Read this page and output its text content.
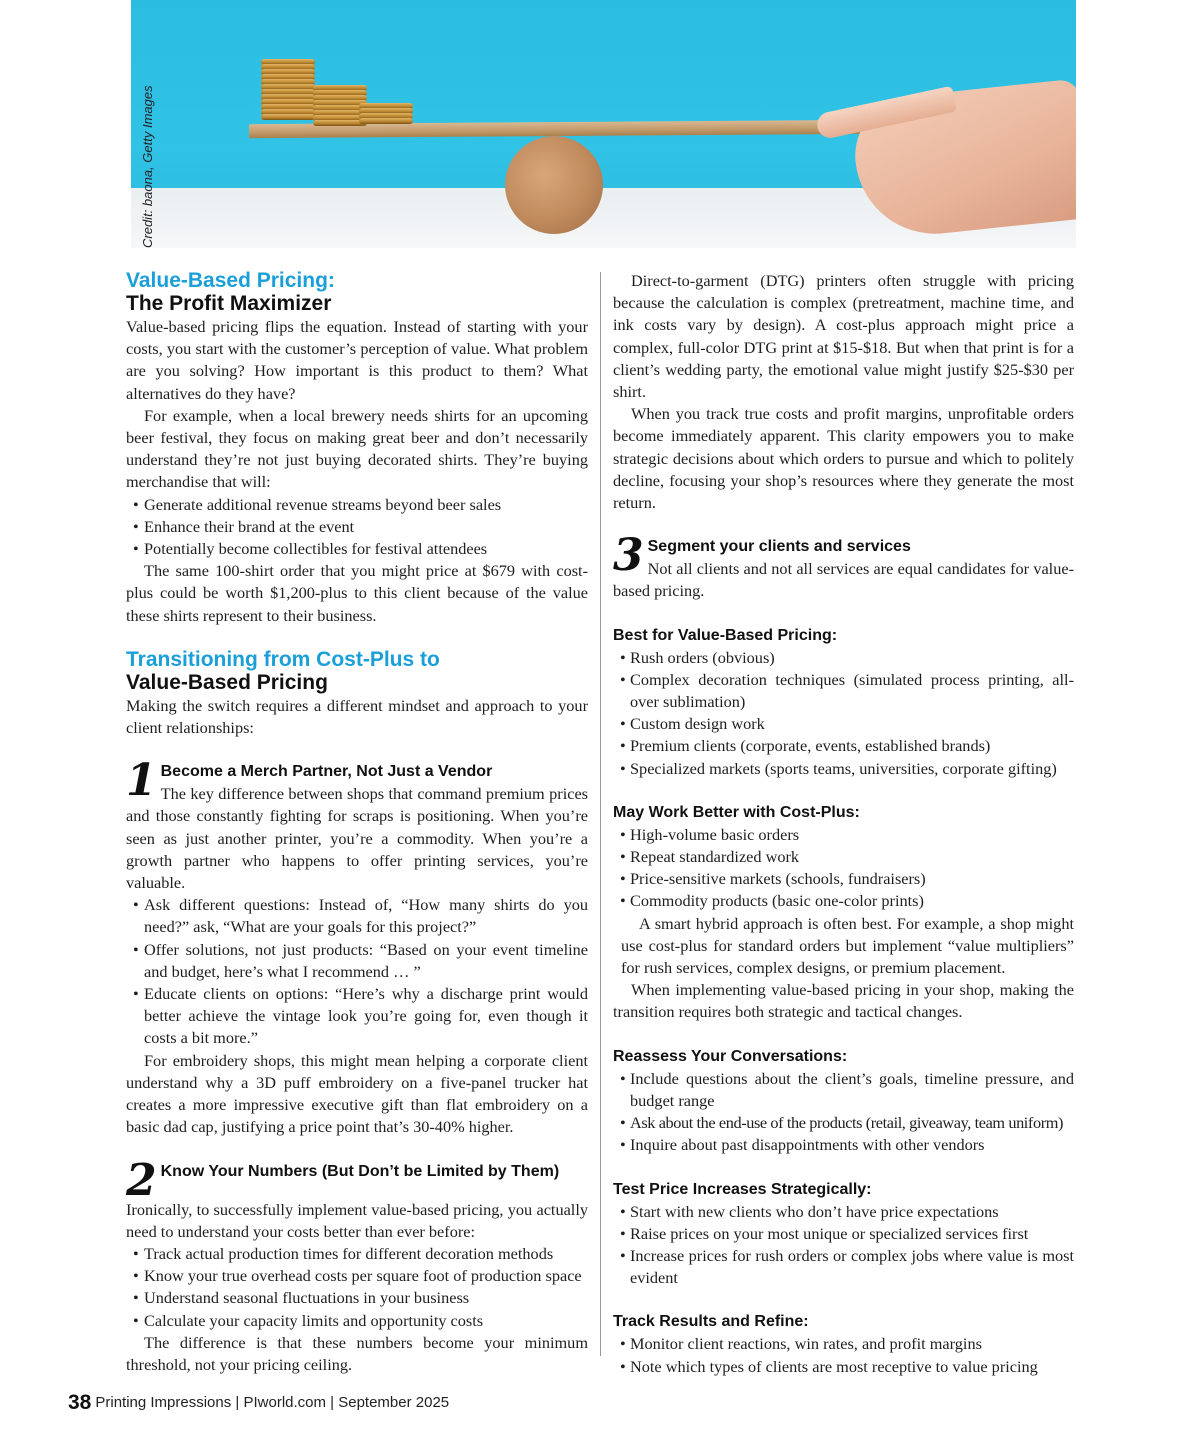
Credit: baona, Getty Images
Value-Based Pricing:
The Profit Maximizer

Value-based pricing flips the equation. Instead of starting with your costs, you start with the customer’s perception of value. What problem are you solving? How important is this product to them? What alternatives do they have?

For example, when a local brewery needs shirts for an upcoming beer festival, they focus on making great beer and don’t necessarily understand they’re not just buying decorated shirts. They’re buying merchandise that will:

• Generate additional revenue streams beyond beer sales
• Enhance their brand at the event
• Potentially become collectibles for festival attendees

The same 100-shirt order that you might price at $679 with cost-plus could be worth $1,200-plus to this client because of the value these shirts represent to their business.

Transitioning from Cost-Plus to
Value-Based Pricing

Making the switch requires a different mindset and approach to your client relationships:

1 Become a Merch Partner, Not Just a Vendor

The key difference between shops that command premium prices and those constantly fighting for scraps is positioning. When you’re seen as just another printer, you’re a commodity. When you’re a growth partner who happens to offer printing services, you’re valuable.

• Ask different questions: Instead of, “How many shirts do you need?” ask, “What are your goals for this project?”
• Offer solutions, not just products: “Based on your event timeline and budget, here’s what I recommend … ”
• Educate clients on options: “Here’s why a discharge print would better achieve the vintage look you’re going for, even though it costs a bit more.”

For embroidery shops, this might mean helping a corporate client understand why a 3D puff embroidery on a five-panel trucker hat creates a more impressive executive gift than flat embroidery on a basic dad cap, justifying a price point that’s 30-40% higher.

2 Know Your Numbers (But Don’t be Limited by Them)

Ironically, to successfully implement value-based pricing, you actually need to understand your costs better than ever before:

• Track actual production times for different decoration methods
• Know your true overhead costs per square foot of production space
• Understand seasonal fluctuations in your business
• Calculate your capacity limits and opportunity costs

The difference is that these numbers become your minimum threshold, not your pricing ceiling.

Direct-to-garment (DTG) printers often struggle with pricing because the calculation is complex (pretreatment, machine time, and ink costs vary by design). A cost-plus approach might price a complex, full-color DTG print at $15-$18. But when that print is for a client’s wedding party, the emotional value might justify $25-$30 per shirt.

When you track true costs and profit margins, unprofitable orders become immediately apparent. This clarity empowers you to make strategic decisions about which orders to pursue and which to politely decline, focusing your shop’s resources where they generate the most return.

3 Segment your clients and services

Not all clients and not all services are equal candidates for value-based pricing.

Best for Value-Based Pricing:
• Rush orders (obvious)
• Complex decoration techniques (simulated process printing, all-over sublimation)
• Custom design work
• Premium clients (corporate, events, established brands)
• Specialized markets (sports teams, universities, corporate gifting)
May Work Better with Cost-Plus:
• High-volume basic orders
• Repeat standardized work
• Price-sensitive markets (schools, fundraisers)
• Commodity products (basic one-color prints)

A smart hybrid approach is often best. For example, a shop might use cost-plus for standard orders but implement “value multipliers” for rush services, complex designs, or premium placement.

When implementing value-based pricing in your shop, making the transition requires both strategic and tactical changes.

Reassess Your Conversations:
• Include questions about the client’s goals, timeline pressure, and budget range
• Ask about the end-use of the products (retail, giveaway, team uniform)
• Inquire about past disappointments with other vendors
Test Price Increases Strategically:
• Start with new clients who don’t have price expectations
• Raise prices on your most unique or specialized services first
• Increase prices for rush orders or complex jobs where value is most evident
Track Results and Refine:
• Monitor client reactions, win rates, and profit margins
• Note which types of clients are most receptive to value pricing
38 Printing Impressions | PIworld.com | September 2025
